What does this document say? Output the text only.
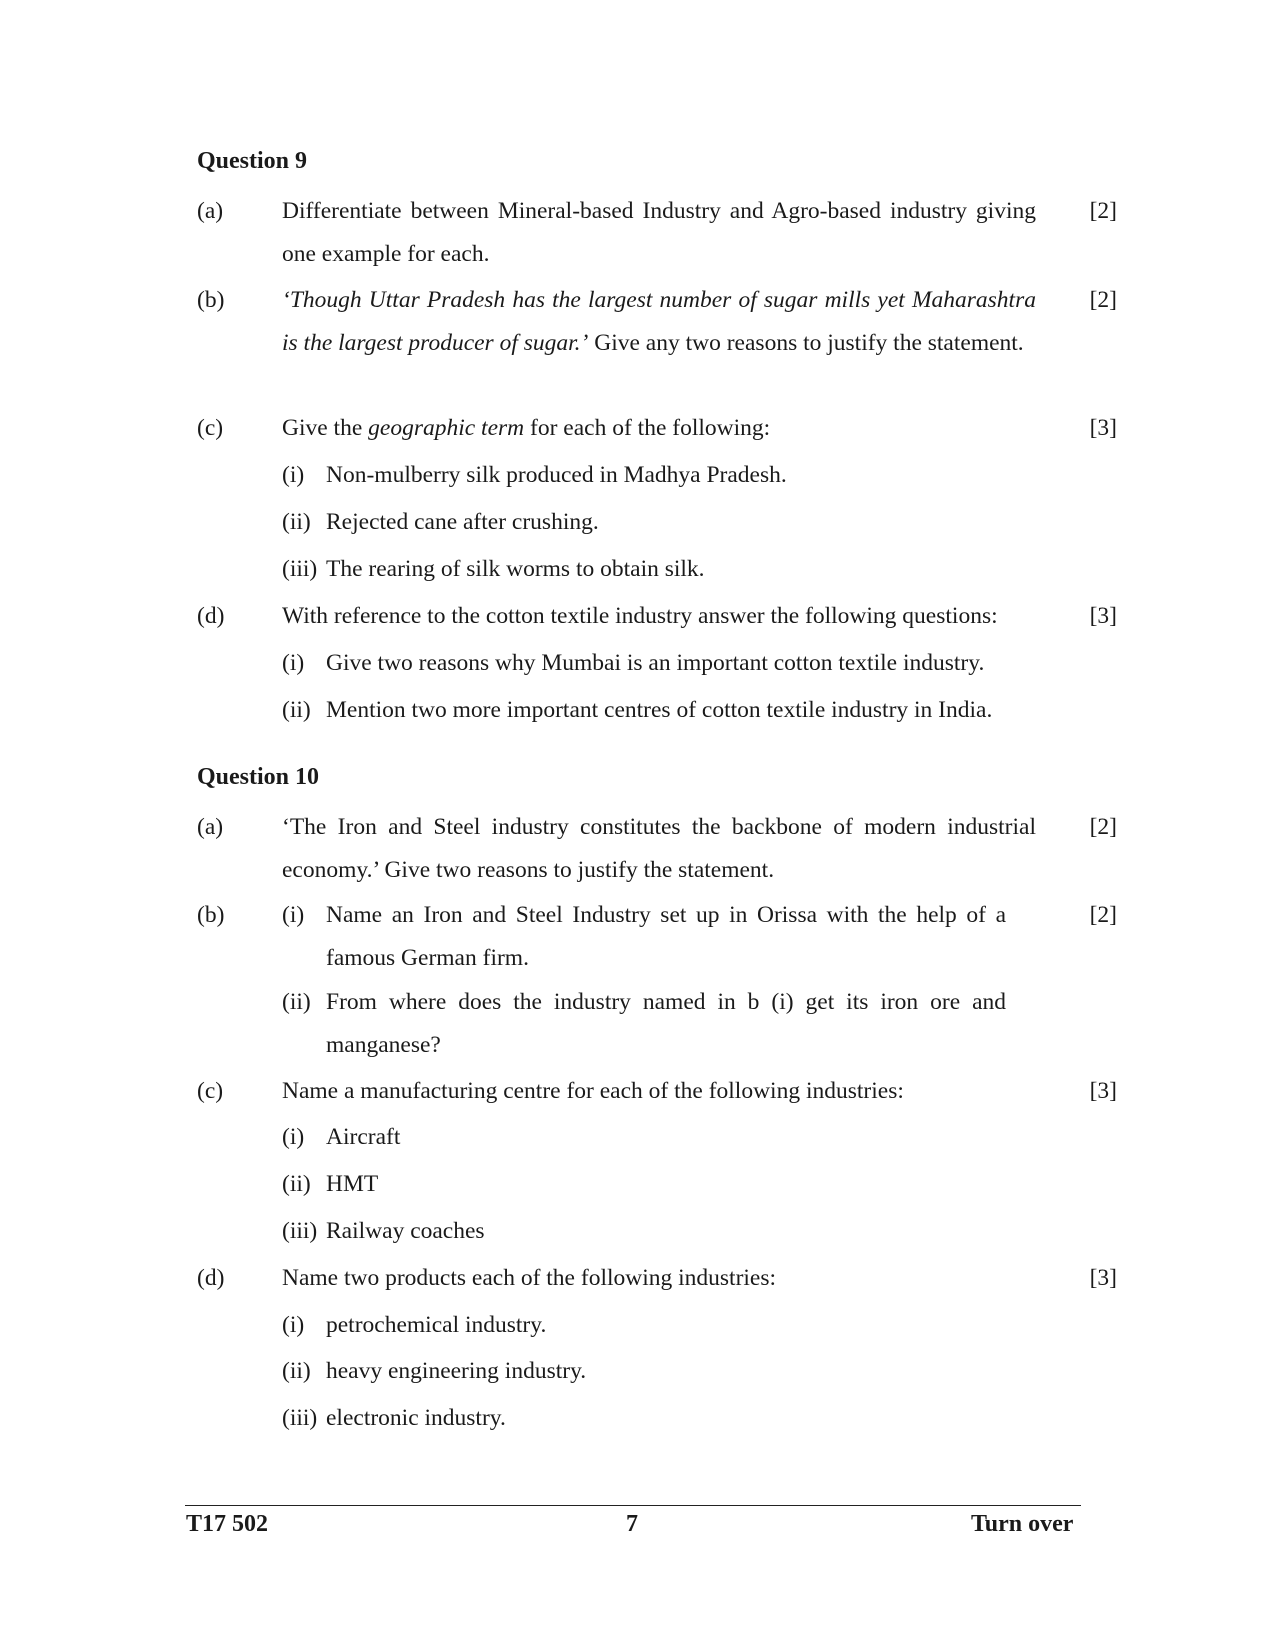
Question 9
(a)	Differentiate between Mineral-based Industry and Agro-based industry giving one example for each.
[2]
(b) ‘Though Uttar Pradesh has the largest number of sugar mills yet Maharashtra is the largest producer of sugar.’ Give any two reasons to justify the statement.
[2]
(c)	Give the geographic term for each of the following:	[3]
(i) Non-mulberry silk produced in Madhya Pradesh.
(ii) Rejected cane after crushing.
(iii) The rearing of silk worms to obtain silk.
(d) With reference to the cotton textile industry answer the following questions:	[3]
(i) Give two reasons why Mumbai is an important cotton textile industry.
(ii) Mention two more important centres of cotton textile industry in India.
Question 10
(a)	‘The Iron and Steel industry constitutes the backbone of modern industrial economy.’ Give two reasons to justify the statement.
[2]
(b)	[2]
(i) Name an Iron and Steel Industry set up in Orissa with the help of a famous German firm.
(ii) From where does the industry named in b (i) get its iron ore and manganese?
(c)	Name a manufacturing centre for each of the following industries:	[3]
(i) Aircraft
(ii) HMT
(iii) Railway coaches
(d) Name two products each of the following industries:	[3]
(i) petrochemical industry.
(ii) heavy engineering industry.
(iii) electronic industry.
T17 502	7	Turn over
